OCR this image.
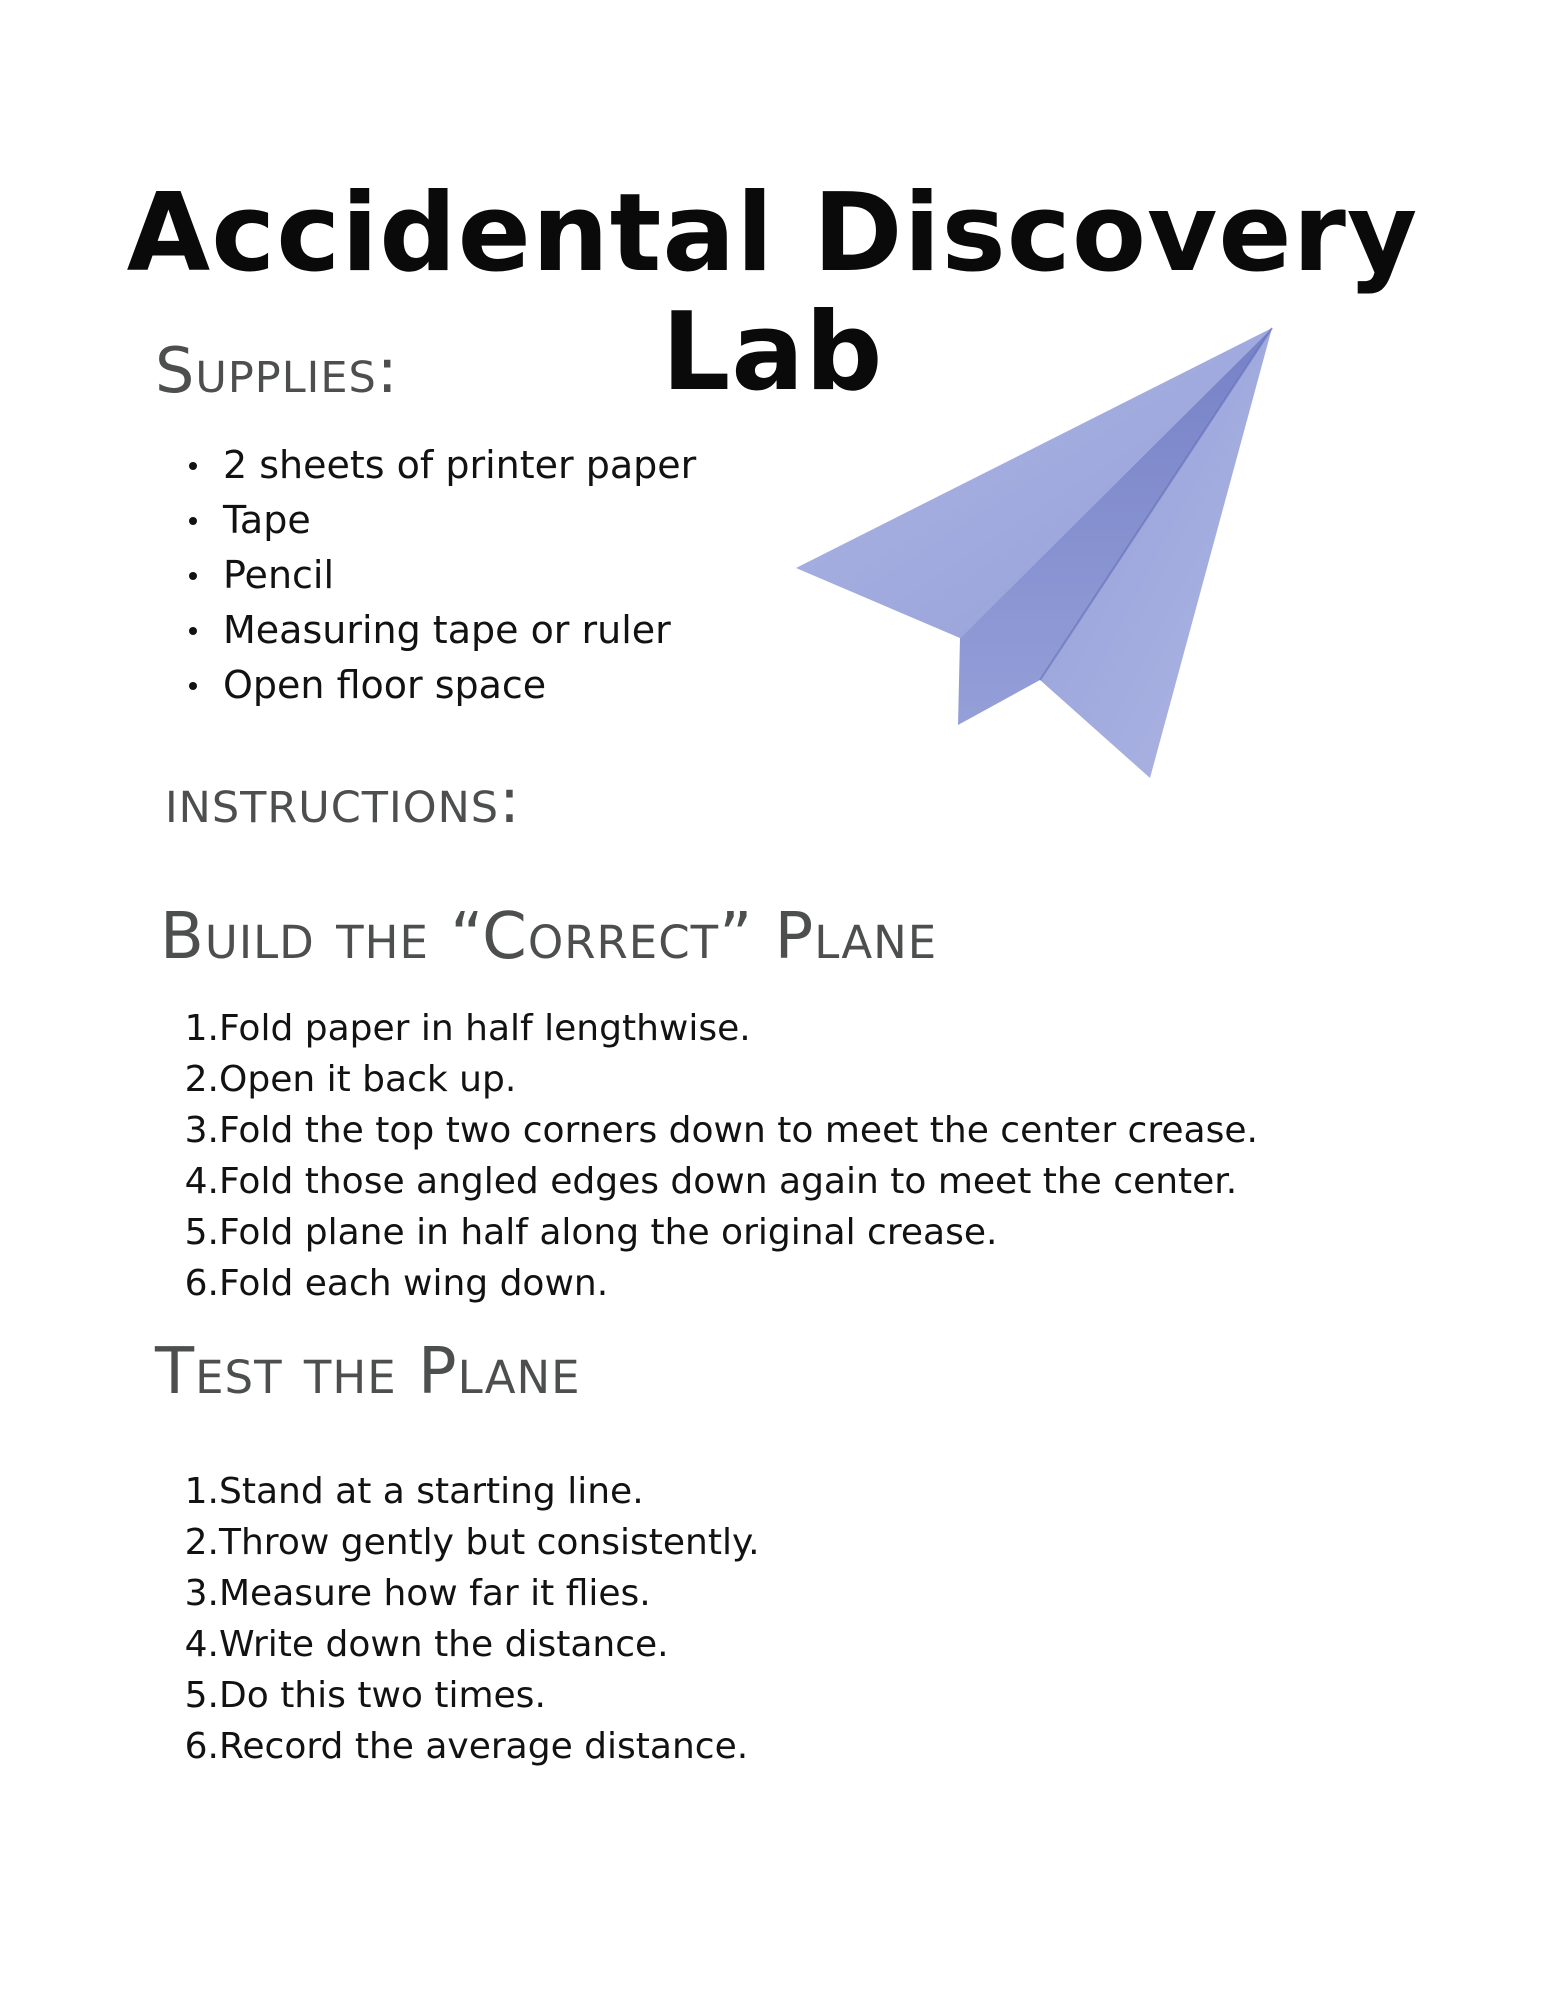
Accidental Discovery Lab
Supplies:
2 sheets of printer paper
Tape
Pencil
Measuring tape or ruler
Open floor space
instructions:
Build the “Correct” Plane
1. Fold paper in half lengthwise.
2. Open it back up.
3. Fold the top two corners down to meet the center crease.
4. Fold those angled edges down again to meet the center.
5. Fold plane in half along the original crease.
6. Fold each wing down.
Test the Plane
1. Stand at a starting line.
2. Throw gently but consistently.
3. Measure how far it flies.
4. Write down the distance.
5. Do this two times.
6. Record the average distance.
